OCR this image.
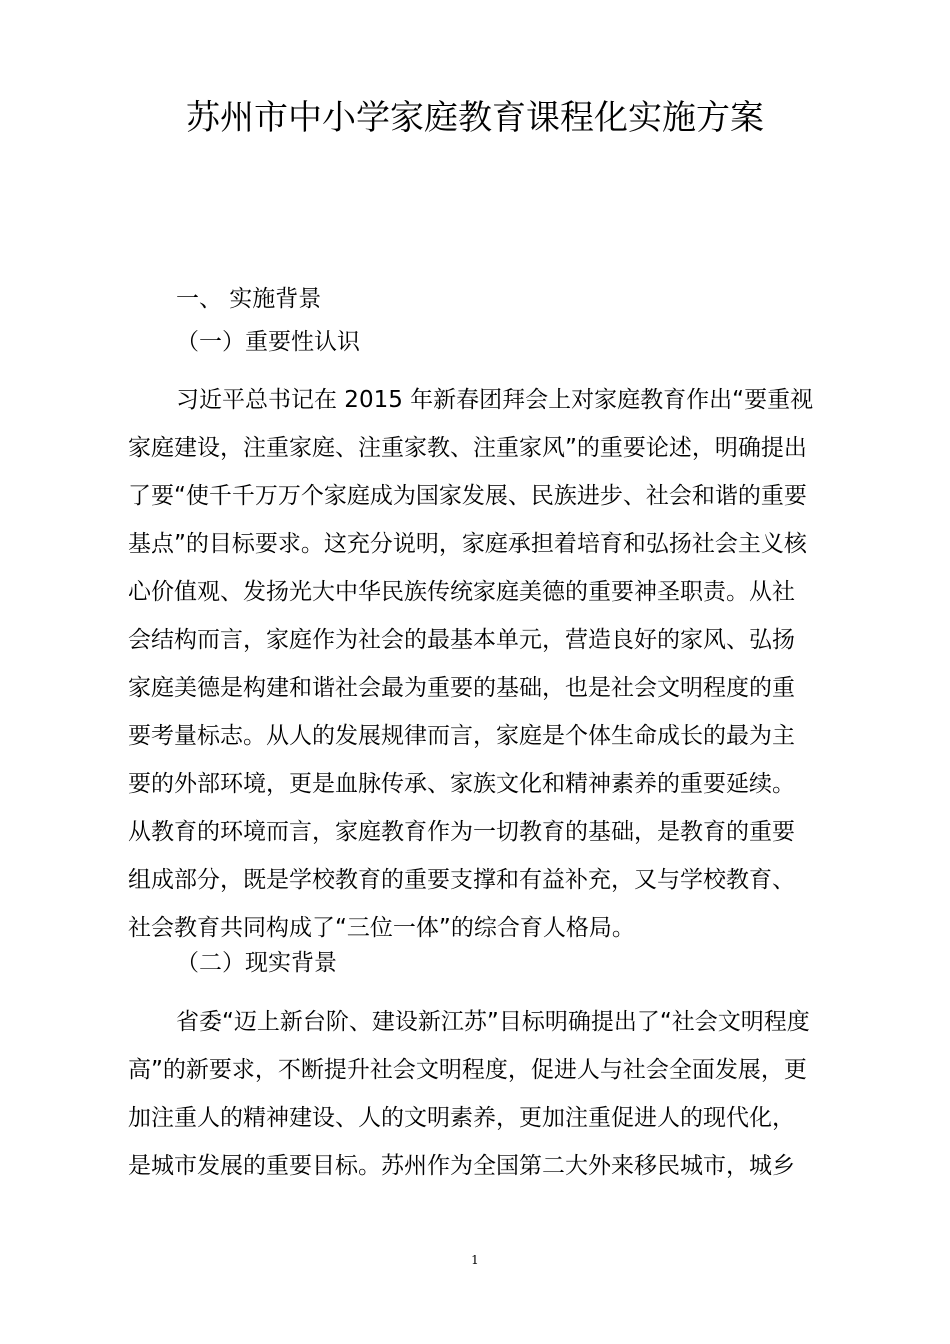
苏州市中小学家庭教育课程化实施方案
一、 实施背景
（一）重要性认识
习近平总书记在 2015 年新春团拜会上对家庭教育作出“要重视
家庭建设，注重家庭、注重家教、注重家风”的重要论述，明确提出
了要“使千千万万个家庭成为国家发展、民族进步、社会和谐的重要
基点”的目标要求。这充分说明，家庭承担着培育和弘扬社会主义核
心价值观、发扬光大中华民族传统家庭美德的重要神圣职责。从社
会结构而言，家庭作为社会的最基本单元，营造良好的家风、弘扬
家庭美德是构建和谐社会最为重要的基础，也是社会文明程度的重
要考量标志。从人的发展规律而言，家庭是个体生命成长的最为主
要的外部环境，更是血脉传承、家族文化和精神素养的重要延续。
从教育的环境而言，家庭教育作为一切教育的基础，是教育的重要
组成部分，既是学校教育的重要支撑和有益补充，又与学校教育、
社会教育共同构成了“三位一体”的综合育人格局。
（二）现实背景
省委“迈上新台阶、建设新江苏”目标明确提出了“社会文明程度
高”的新要求，不断提升社会文明程度，促进人与社会全面发展，更
加注重人的精神建设、人的文明素养，更加注重促进人的现代化，
是城市发展的重要目标。苏州作为全国第二大外来移民城市，城乡
1
